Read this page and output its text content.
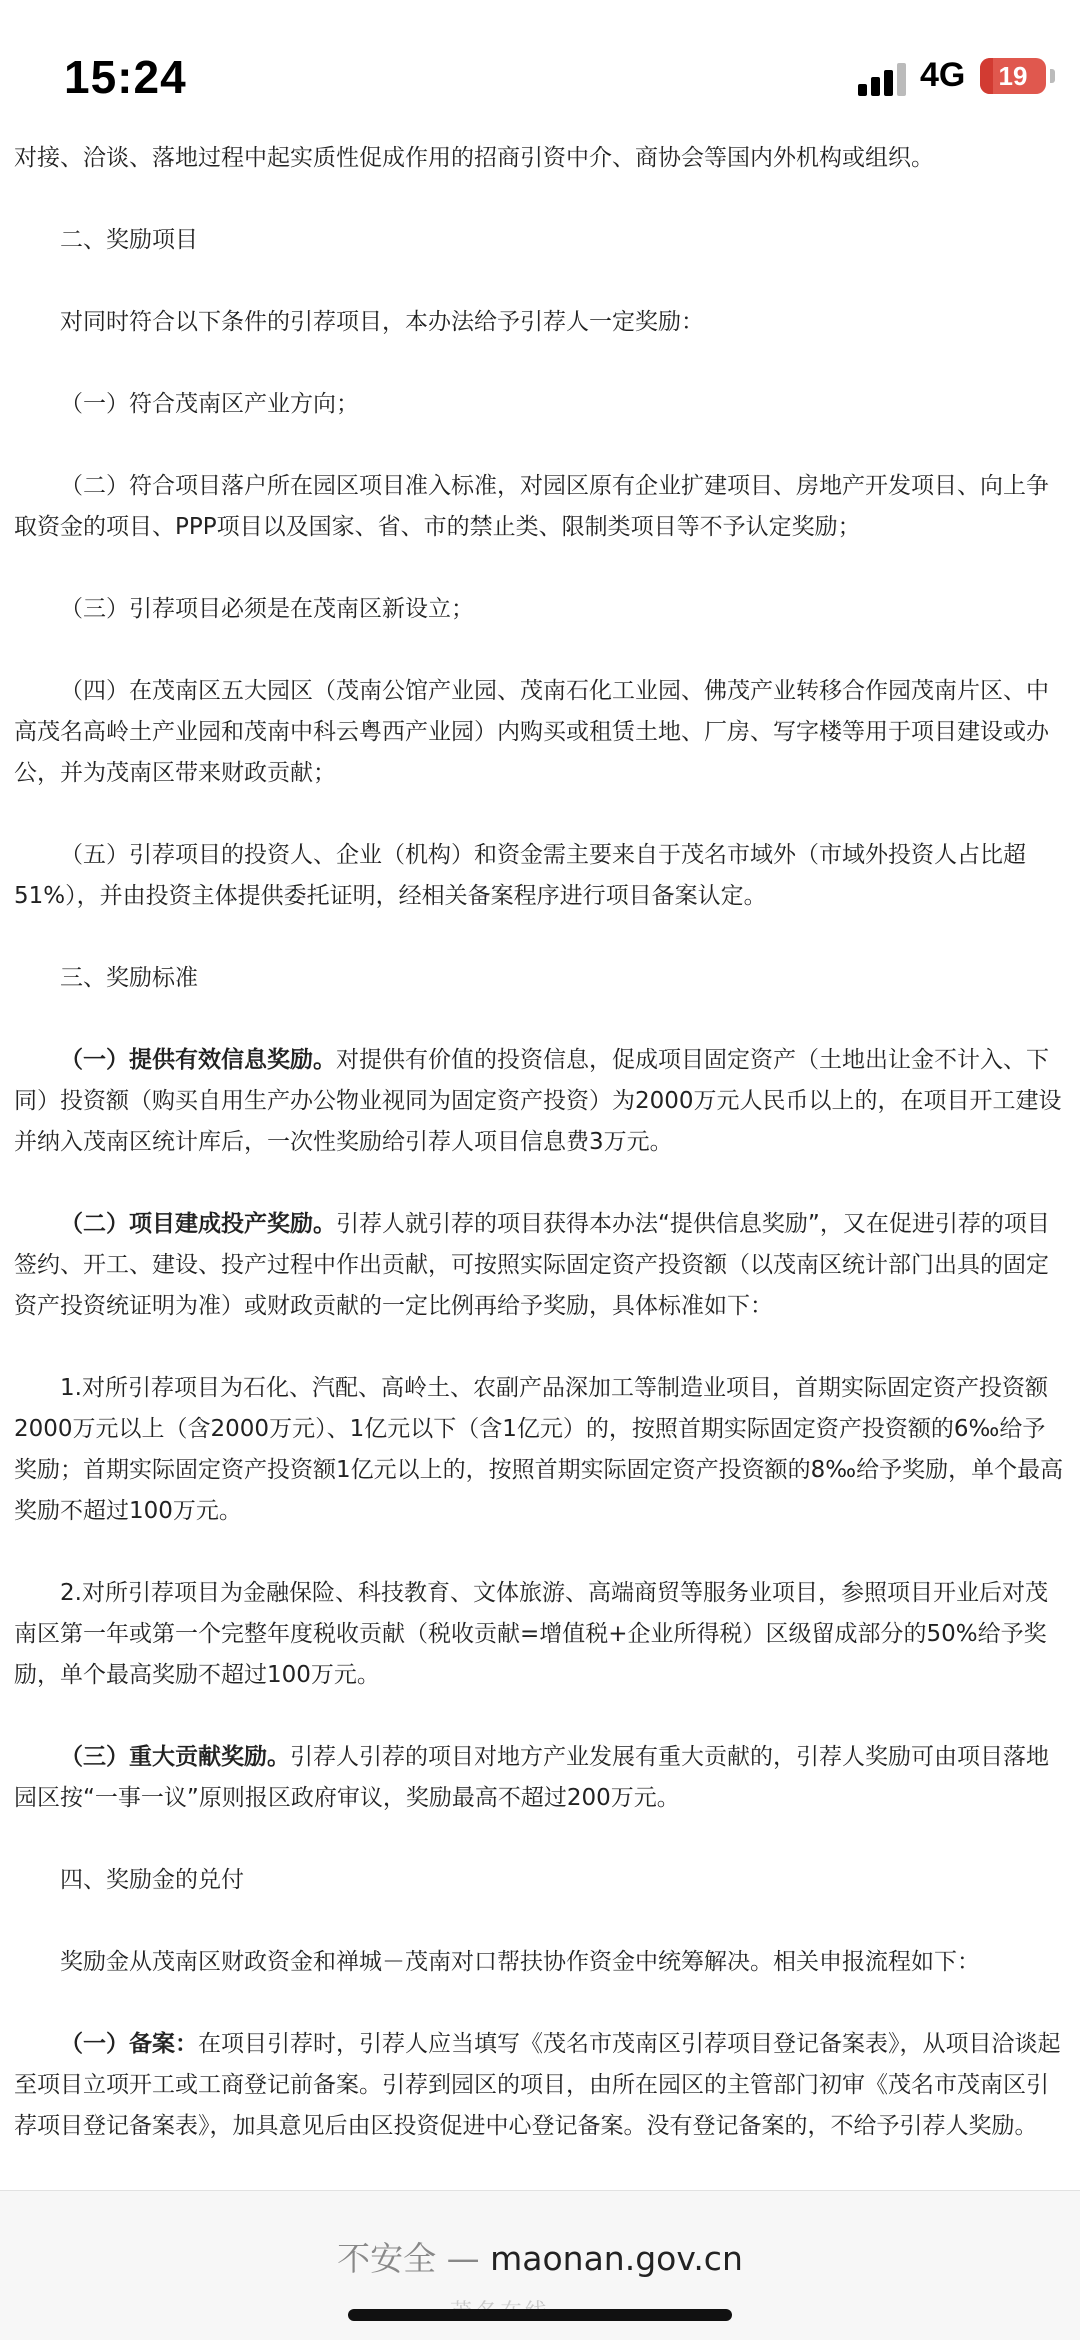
15:24	4G	19

对接、洽谈、落地过程中起实质性促成作用的招商引资中介、商协会等国内外机构或组织。

二、奖励项目

对同时符合以下条件的引荐项目，本办法给予引荐人一定奖励：

（一）符合茂南区产业方向；

（二）符合项目落户所在园区项目准入标准，对园区原有企业扩建项目、房地产开发项目、向上争取资金的项目、PPP项目以及国家、省、市的禁止类、限制类项目等不予认定奖励；

（三）引荐项目必须是在茂南区新设立；

（四）在茂南区五大园区（茂南公馆产业园、茂南石化工业园、佛茂产业转移合作园茂南片区、中高茂名高岭土产业园和茂南中科云粤西产业园）内购买或租赁土地、厂房、写字楼等用于项目建设或办公，并为茂南区带来财政贡献；

（五）引荐项目的投资人、企业（机构）和资金需主要来自于茂名市域外（市域外投资人占比超51%），并由投资主体提供委托证明，经相关备案程序进行项目备案认定。

三、奖励标准

（一）提供有效信息奖励。对提供有价值的投资信息，促成项目固定资产（土地出让金不计入、下同）投资额（购买自用生产办公物业视同为固定资产投资）为2000万元人民币以上的，在项目开工建设并纳入茂南区统计库后，一次性奖励给引荐人项目信息费3万元。

（二）项目建成投产奖励。引荐人就引荐的项目获得本办法“提供信息奖励”，又在促进引荐的项目签约、开工、建设、投产过程中作出贡献，可按照实际固定资产投资额（以茂南区统计部门出具的固定资产投资统证明为准）或财政贡献的一定比例再给予奖励，具体标准如下：

1.对所引荐项目为石化、汽配、高岭土、农副产品深加工等制造业项目，首期实际固定资产投资额2000万元以上（含2000万元）、1亿元以下（含1亿元）的，按照首期实际固定资产投资额的6‰给予奖励；首期实际固定资产投资额1亿元以上的，按照首期实际固定资产投资额的8‰给予奖励，单个最高奖励不超过100万元。

2.对所引荐项目为金融保险、科技教育、文体旅游、高端商贸等服务业项目，参照项目开业后对茂南区第一年或第一个完整年度税收贡献（税收贡献=增值税+企业所得税）区级留成部分的50%给予奖励，单个最高奖励不超过100万元。

（三）重大贡献奖励。引荐人引荐的项目对地方产业发展有重大贡献的，引荐人奖励可由项目落地园区按“一事一议”原则报区政府审议，奖励最高不超过200万元。

四、奖励金的兑付

奖励金从茂南区财政资金和禅城－茂南对口帮扶协作资金中统筹解决。相关申报流程如下：

（一）备案：在项目引荐时，引荐人应当填写《茂名市茂南区引荐项目登记备案表》，从项目洽谈起至项目立项开工或工商登记前备案。引荐到园区的项目，由所在园区的主管部门初审《茂名市茂南区引荐项目登记备案表》，加具意见后由区投资促进中心登记备案。没有登记备案的，不给予引荐人奖励。

不安全 — maonan.gov.cn
